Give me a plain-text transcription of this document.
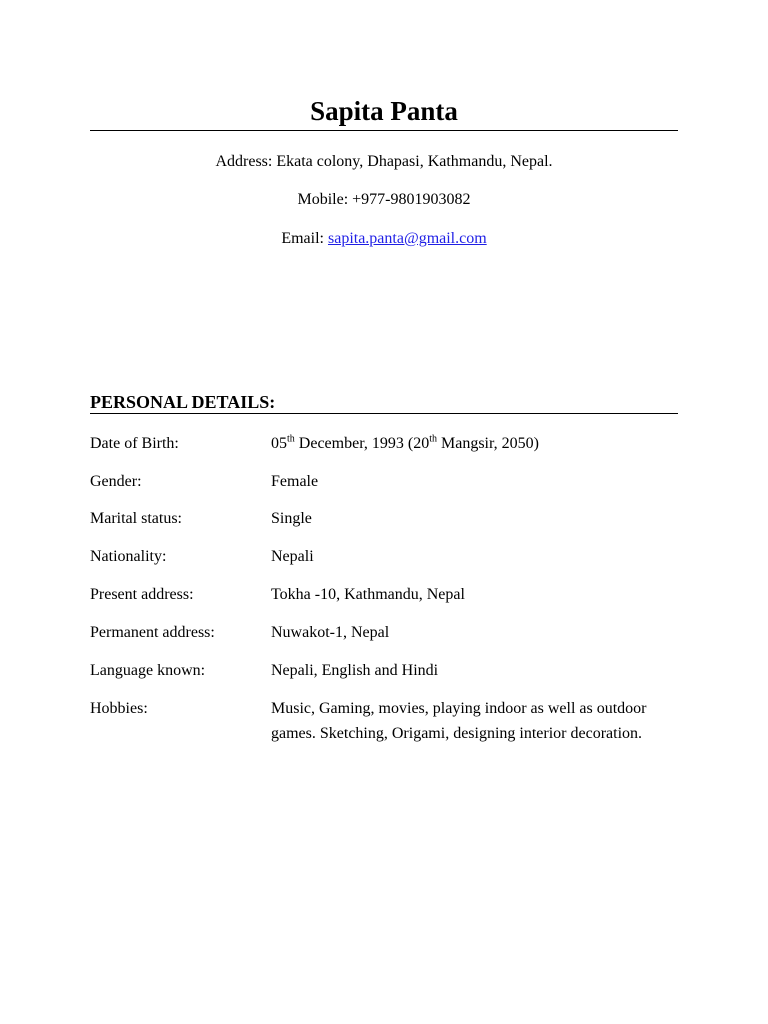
Sapita Panta
Address: Ekata colony, Dhapasi, Kathmandu, Nepal.
Mobile: +977-9801903082
Email: sapita.panta@gmail.com
PERSONAL DETAILS:
Date of Birth:	05th December, 1993 (20th Mangsir, 2050)
Gender:	Female
Marital status:	Single
Nationality:	Nepali
Present address:	Tokha -10, Kathmandu, Nepal
Permanent address:	Nuwakot-1, Nepal
Language known:	Nepali, English and Hindi
Hobbies:	Music, Gaming, movies, playing indoor as well as outdoor games. Sketching, Origami, designing interior decoration.
